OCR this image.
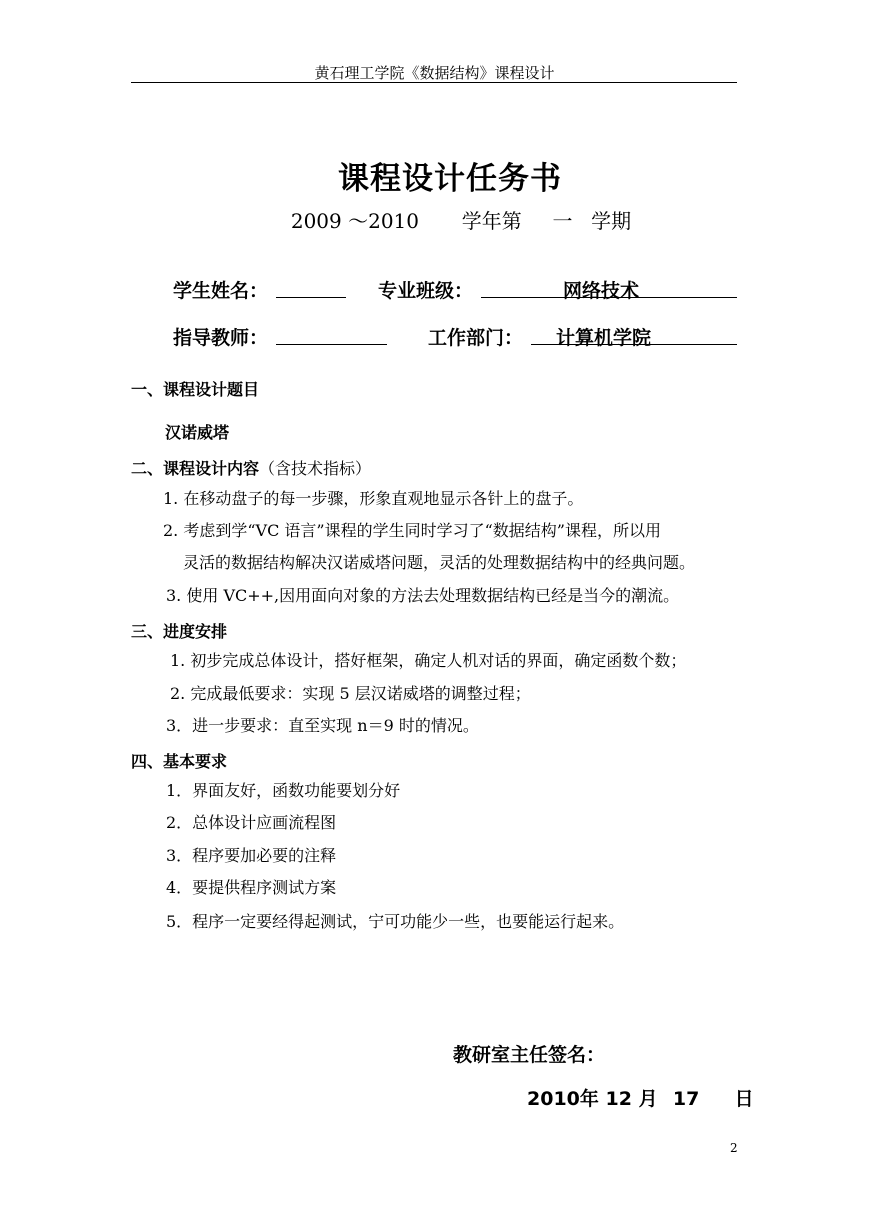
黄石理工学院《数据结构》课程设计
课程设计任务书
2009 ～2010 学年第 一 学期
学生姓名：	专业班级：	网络技术
指导教师：	工作部门：	计算机学院
一、课程设计题目
汉诺威塔
二、课程设计内容（含技术指标）
1. 在移动盘子的每一步骤，形象直观地显示各针上的盘子。
2. 考虑到学“VC 语言”课程的学生同时学习了“数据结构”课程，所以用
灵活的数据结构解决汉诺威塔问题，灵活的处理数据结构中的经典问题。
3. 使用 VC++,因用面向对象的方法去处理数据结构已经是当今的潮流。
三、进度安排
1. 初步完成总体设计，搭好框架，确定人机对话的界面，确定函数个数；
2. 完成最低要求：实现 5 层汉诺威塔的调整过程；
3．进一步要求：直至实现 n＝9 时的情况。
四、基本要求
1．界面友好，函数功能要划分好
2．总体设计应画流程图
3．程序要加必要的注释
4．要提供程序测试方案
5．程序一定要经得起测试，宁可功能少一些，也要能运行起来。
教研室主任签名：
2010年 12 月 17 日
2
